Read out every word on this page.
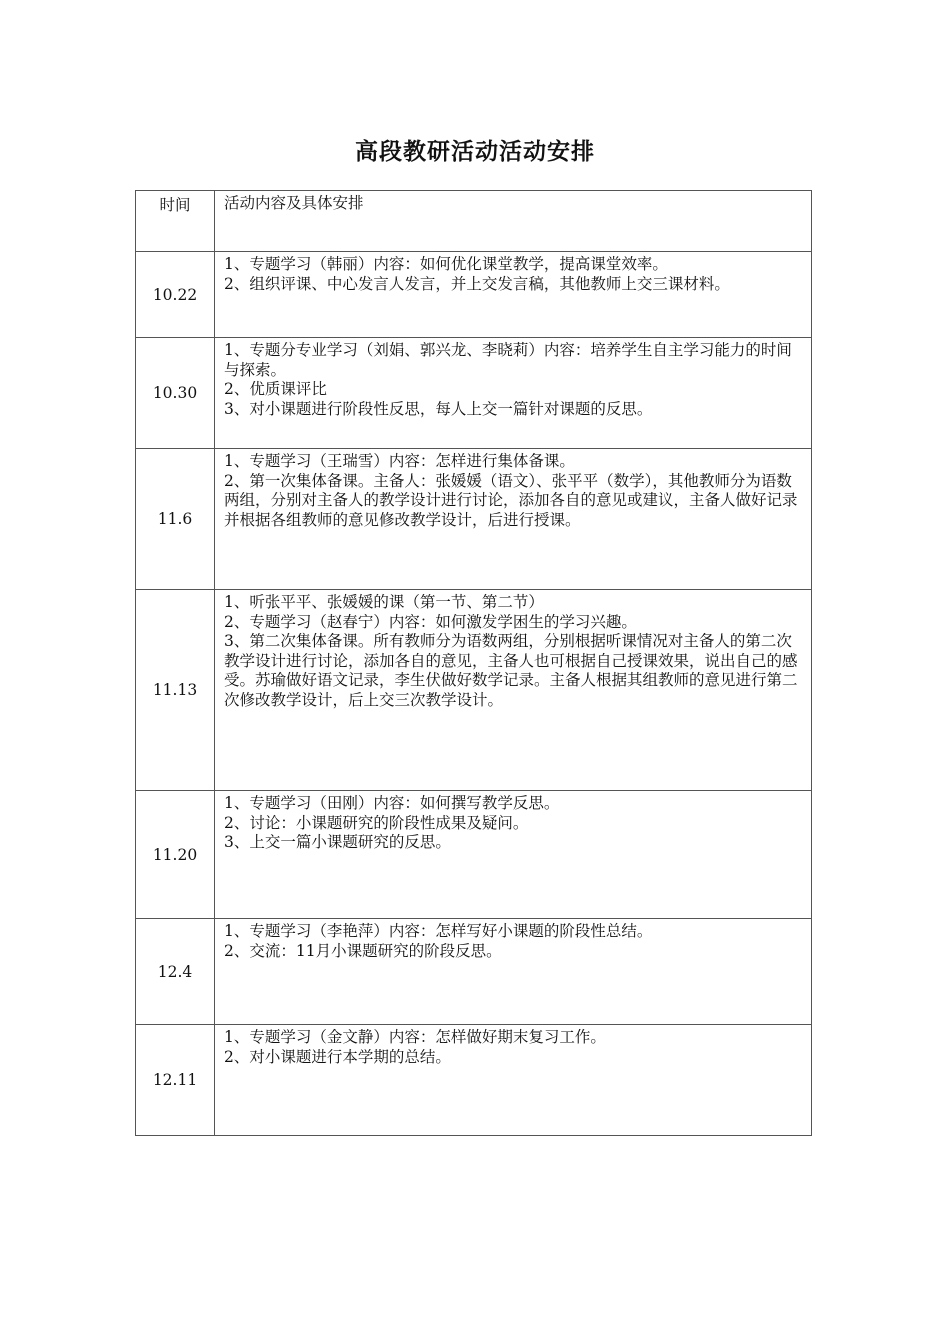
高段教研活动活动安排
时间	活动内容及具体安排
10.22	1、专题学习（韩丽）内容：如何优化课堂教学，提高课堂效率。
2、组织评课、中心发言人发言，并上交发言稿，其他教师上交三课材料。

10.30	1、专题分专业学习（刘娟、郭兴龙、李晓莉）内容：培养学生自主学习能力的时间与探索。
2、优质课评比
3、对小课题进行阶段性反思，每人上交一篇针对课题的反思。

11.6	1、专题学习（王瑞雪）内容：怎样进行集体备课。
2、第一次集体备课。主备人：张媛媛（语文）、张平平（数学），其他教师分为语数两组，分别对主备人的教学设计进行讨论，添加各自的意见或建议，主备人做好记录并根据各组教师的意见修改教学设计，后进行授课。

11.13	1、听张平平、张媛媛的课（第一节、第二节）
2、专题学习（赵春宁）内容：如何激发学困生的学习兴趣。
3、第二次集体备课。所有教师分为语数两组，分别根据听课情况对主备人的第二次教学设计进行讨论，添加各自的意见，主备人也可根据自己授课效果，说出自己的感受。苏瑜做好语文记录，李生伏做好数学记录。主备人根据其组教师的意见进行第二次修改教学设计，后上交三次教学设计。

11.20	1、专题学习（田刚）内容：如何撰写教学反思。
2、讨论：小课题研究的阶段性成果及疑问。
3、上交一篇小课题研究的反思。

12.4	1、专题学习（李艳萍）内容：怎样写好小课题的阶段性总结。
2、交流：11月小课题研究的阶段反思。

12.11	1、专题学习（金文静）内容：怎样做好期末复习工作。
2、对小课题进行本学期的总结。
